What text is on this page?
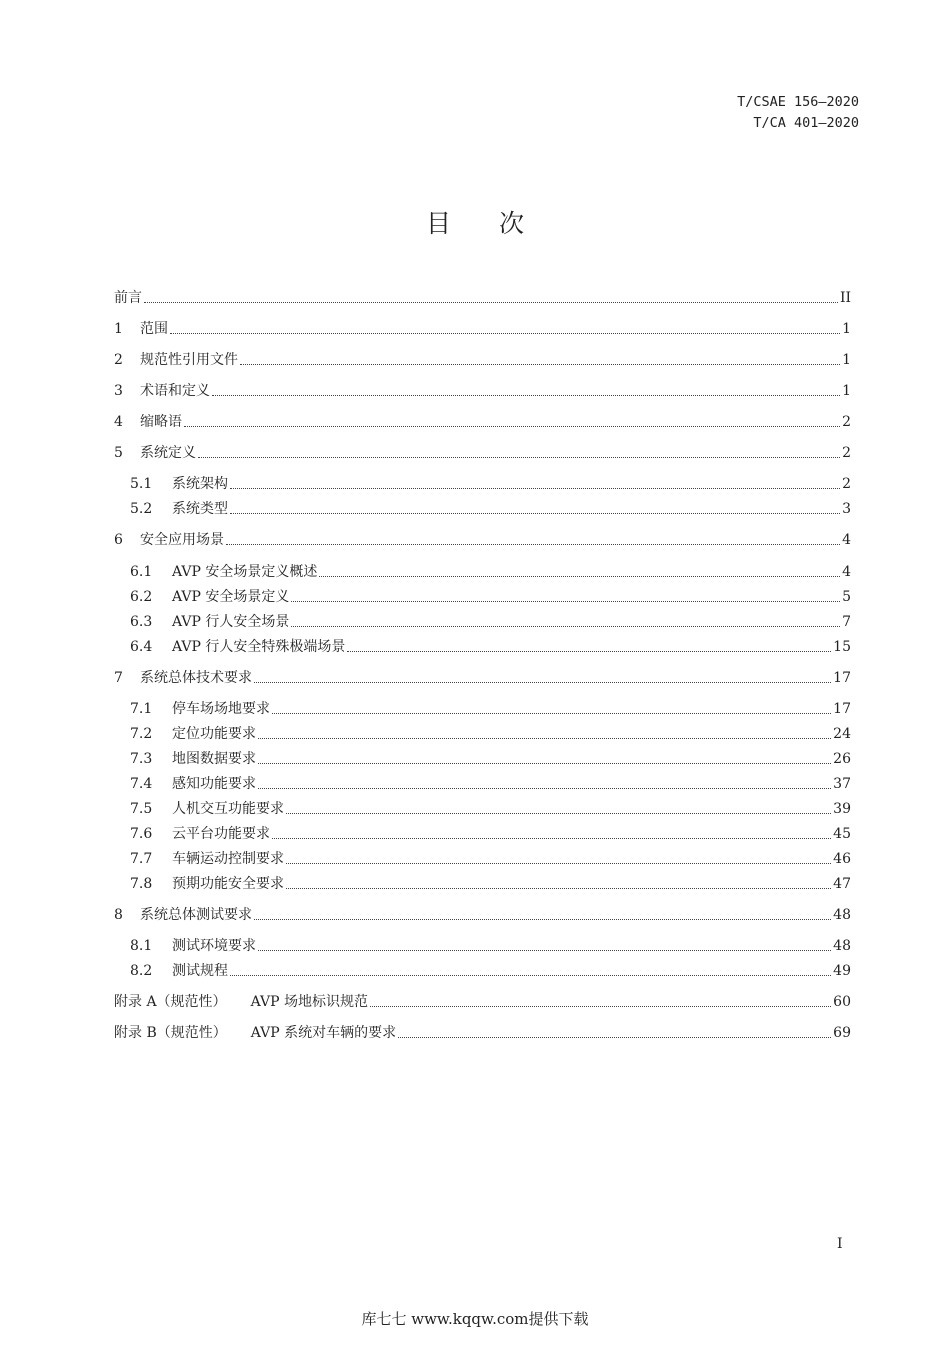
T/CSAE 156—2020
T/CA 401—2020
目次
前言	II
1	范围	1
2	规范性引用文件	1
3	术语和定义	1
4	缩略语	2
5	系统定义	2
5.1	系统架构	2
5.2	系统类型	3
6	安全应用场景	4
6.1	AVP 安全场景定义概述	4
6.2	AVP 安全场景定义	5
6.3	AVP 行人安全场景	7
6.4	AVP 行人安全特殊极端场景	15
7	系统总体技术要求	17
7.1	停车场场地要求	17
7.2	定位功能要求	24
7.3	地图数据要求	26
7.4	感知功能要求	37
7.5	人机交互功能要求	39
7.6	云平台功能要求	45
7.7	车辆运动控制要求	46
7.8	预期功能安全要求	47
8	系统总体测试要求	48
8.1	测试环境要求	48
8.2	测试规程	49
附录 A（规范性） AVP 场地标识规范	60
附录 B（规范性） AVP 系统对车辆的要求	69
I
库七七 www.kqqw.com提供下载
